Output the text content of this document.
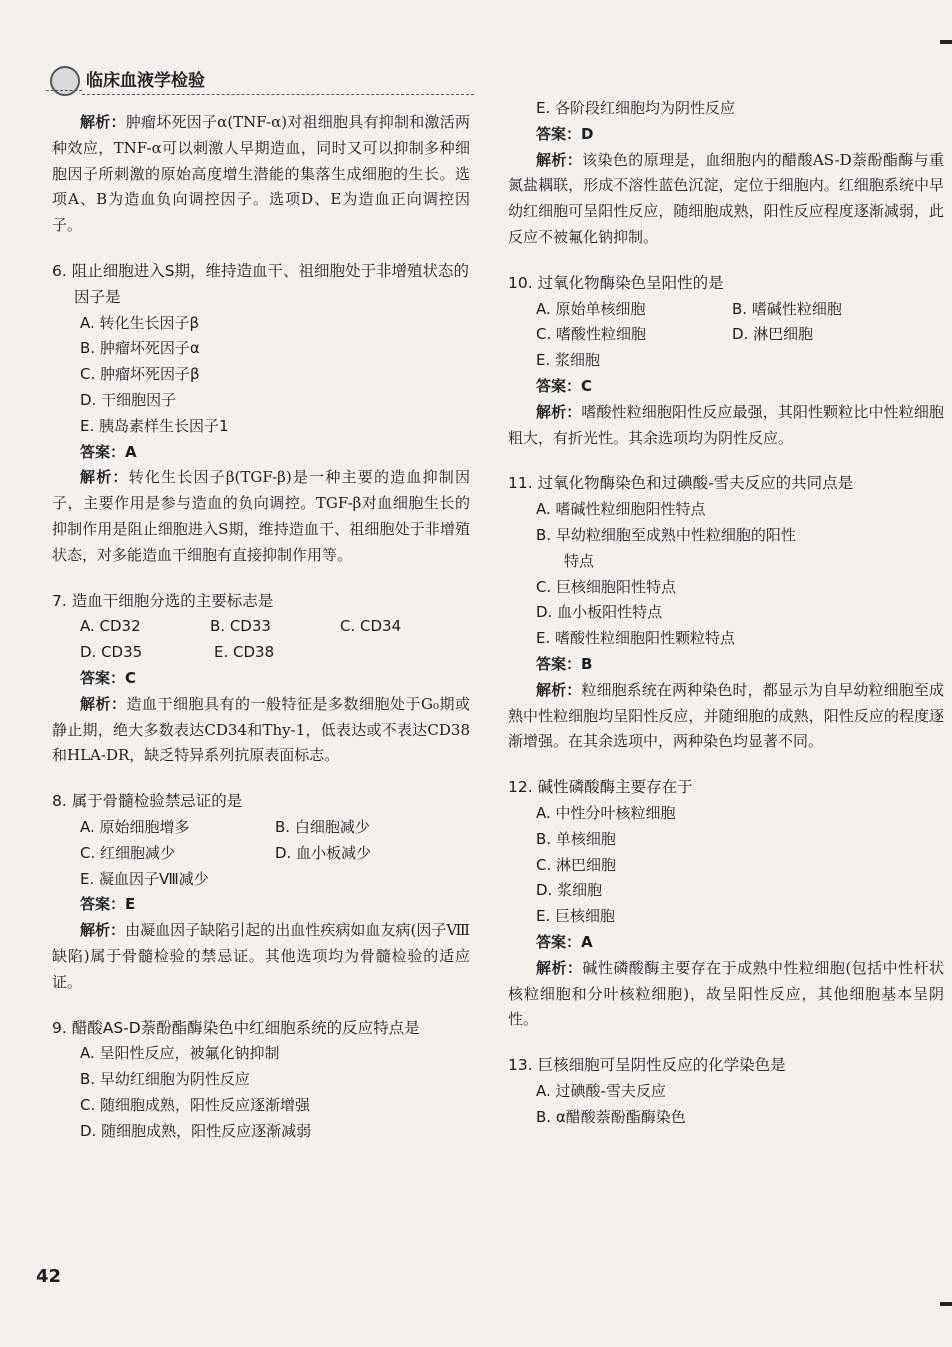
临床血液学检验

解析：肿瘤坏死因子α(TNF-α)对祖细胞具有抑制和激活两种效应，TNF-α可以刺激人早期造血，同时又可以抑制多种细胞因子所刺激的原始高度增生潜能的集落生成细胞的生长。选项A、B为造血负向调控因子。选项D、E为造血正向调控因子。

6. 阻止细胞进入S期，维持造血干、祖细胞处于非增殖状态的因子是

A. 转化生长因子β

B. 肿瘤坏死因子α

C. 肿瘤坏死因子β

D. 干细胞因子

E. 胰岛素样生长因子1

答案：A

解析：转化生长因子β(TGF-β)是一种主要的造血抑制因子，主要作用是参与造血的负向调控。TGF-β对血细胞生长的抑制作用是阻止细胞进入S期，维持造血干、祖细胞处于非增殖状态，对多能造血干细胞有直接抑制作用等。

7. 造血干细胞分选的主要标志是

A. CD32	B. CD33	C. CD34
D. CD35	E. CD38

答案：C

解析：造血干细胞具有的一般特征是多数细胞处于G₀期或静止期，绝大多数表达CD34和Thy-1，低表达或不表达CD38和HLA-DR，缺乏特异系列抗原表面标志。

8. 属于骨髓检验禁忌证的是

A. 原始细胞增多	B. 白细胞减少
C. 红细胞减少	D. 血小板减少

E. 凝血因子Ⅷ减少

答案：E

解析：由凝血因子缺陷引起的出血性疾病如血友病(因子Ⅷ缺陷)属于骨髓检验的禁忌证。其他选项均为骨髓检验的适应证。

9. 醋酸AS-D萘酚酯酶染色中红细胞系统的反应特点是

A. 呈阳性反应，被氟化钠抑制

B. 早幼红细胞为阴性反应

C. 随细胞成熟，阳性反应逐渐增强

D. 随细胞成熟，阳性反应逐渐减弱

E. 各阶段红细胞均为阴性反应

答案：D

解析：该染色的原理是，血细胞内的醋酸AS-D萘酚酯酶与重氮盐耦联，形成不溶性蓝色沉淀，定位于细胞内。红细胞系统中早幼红细胞可呈阳性反应，随细胞成熟，阳性反应程度逐渐减弱，此反应不被氟化钠抑制。

10. 过氧化物酶染色呈阳性的是

A. 原始单核细胞	B. 嗜碱性粒细胞
C. 嗜酸性粒细胞	D. 淋巴细胞

E. 浆细胞

答案：C

解析：嗜酸性粒细胞阳性反应最强，其阳性颗粒比中性粒细胞粗大，有折光性。其余选项均为阴性反应。

11. 过氧化物酶染色和过碘酸-雪夫反应的共同点是

A. 嗜碱性粒细胞阳性特点

B. 早幼粒细胞至成熟中性粒细胞的阳性

特点

C. 巨核细胞阳性特点

D. 血小板阳性特点

E. 嗜酸性粒细胞阳性颗粒特点

答案：B

解析：粒细胞系统在两种染色时，都显示为自早幼粒细胞至成熟中性粒细胞均呈阳性反应，并随细胞的成熟，阳性反应的程度逐渐增强。在其余选项中，两种染色均显著不同。

12. 碱性磷酸酶主要存在于

A. 中性分叶核粒细胞

B. 单核细胞

C. 淋巴细胞

D. 浆细胞

E. 巨核细胞

答案：A

解析：碱性磷酸酶主要存在于成熟中性粒细胞(包括中性杆状核粒细胞和分叶核粒细胞)，故呈阳性反应，其他细胞基本呈阴性。

13. 巨核细胞可呈阴性反应的化学染色是

A. 过碘酸-雪夫反应

B. α醋酸萘酚酯酶染色

42
